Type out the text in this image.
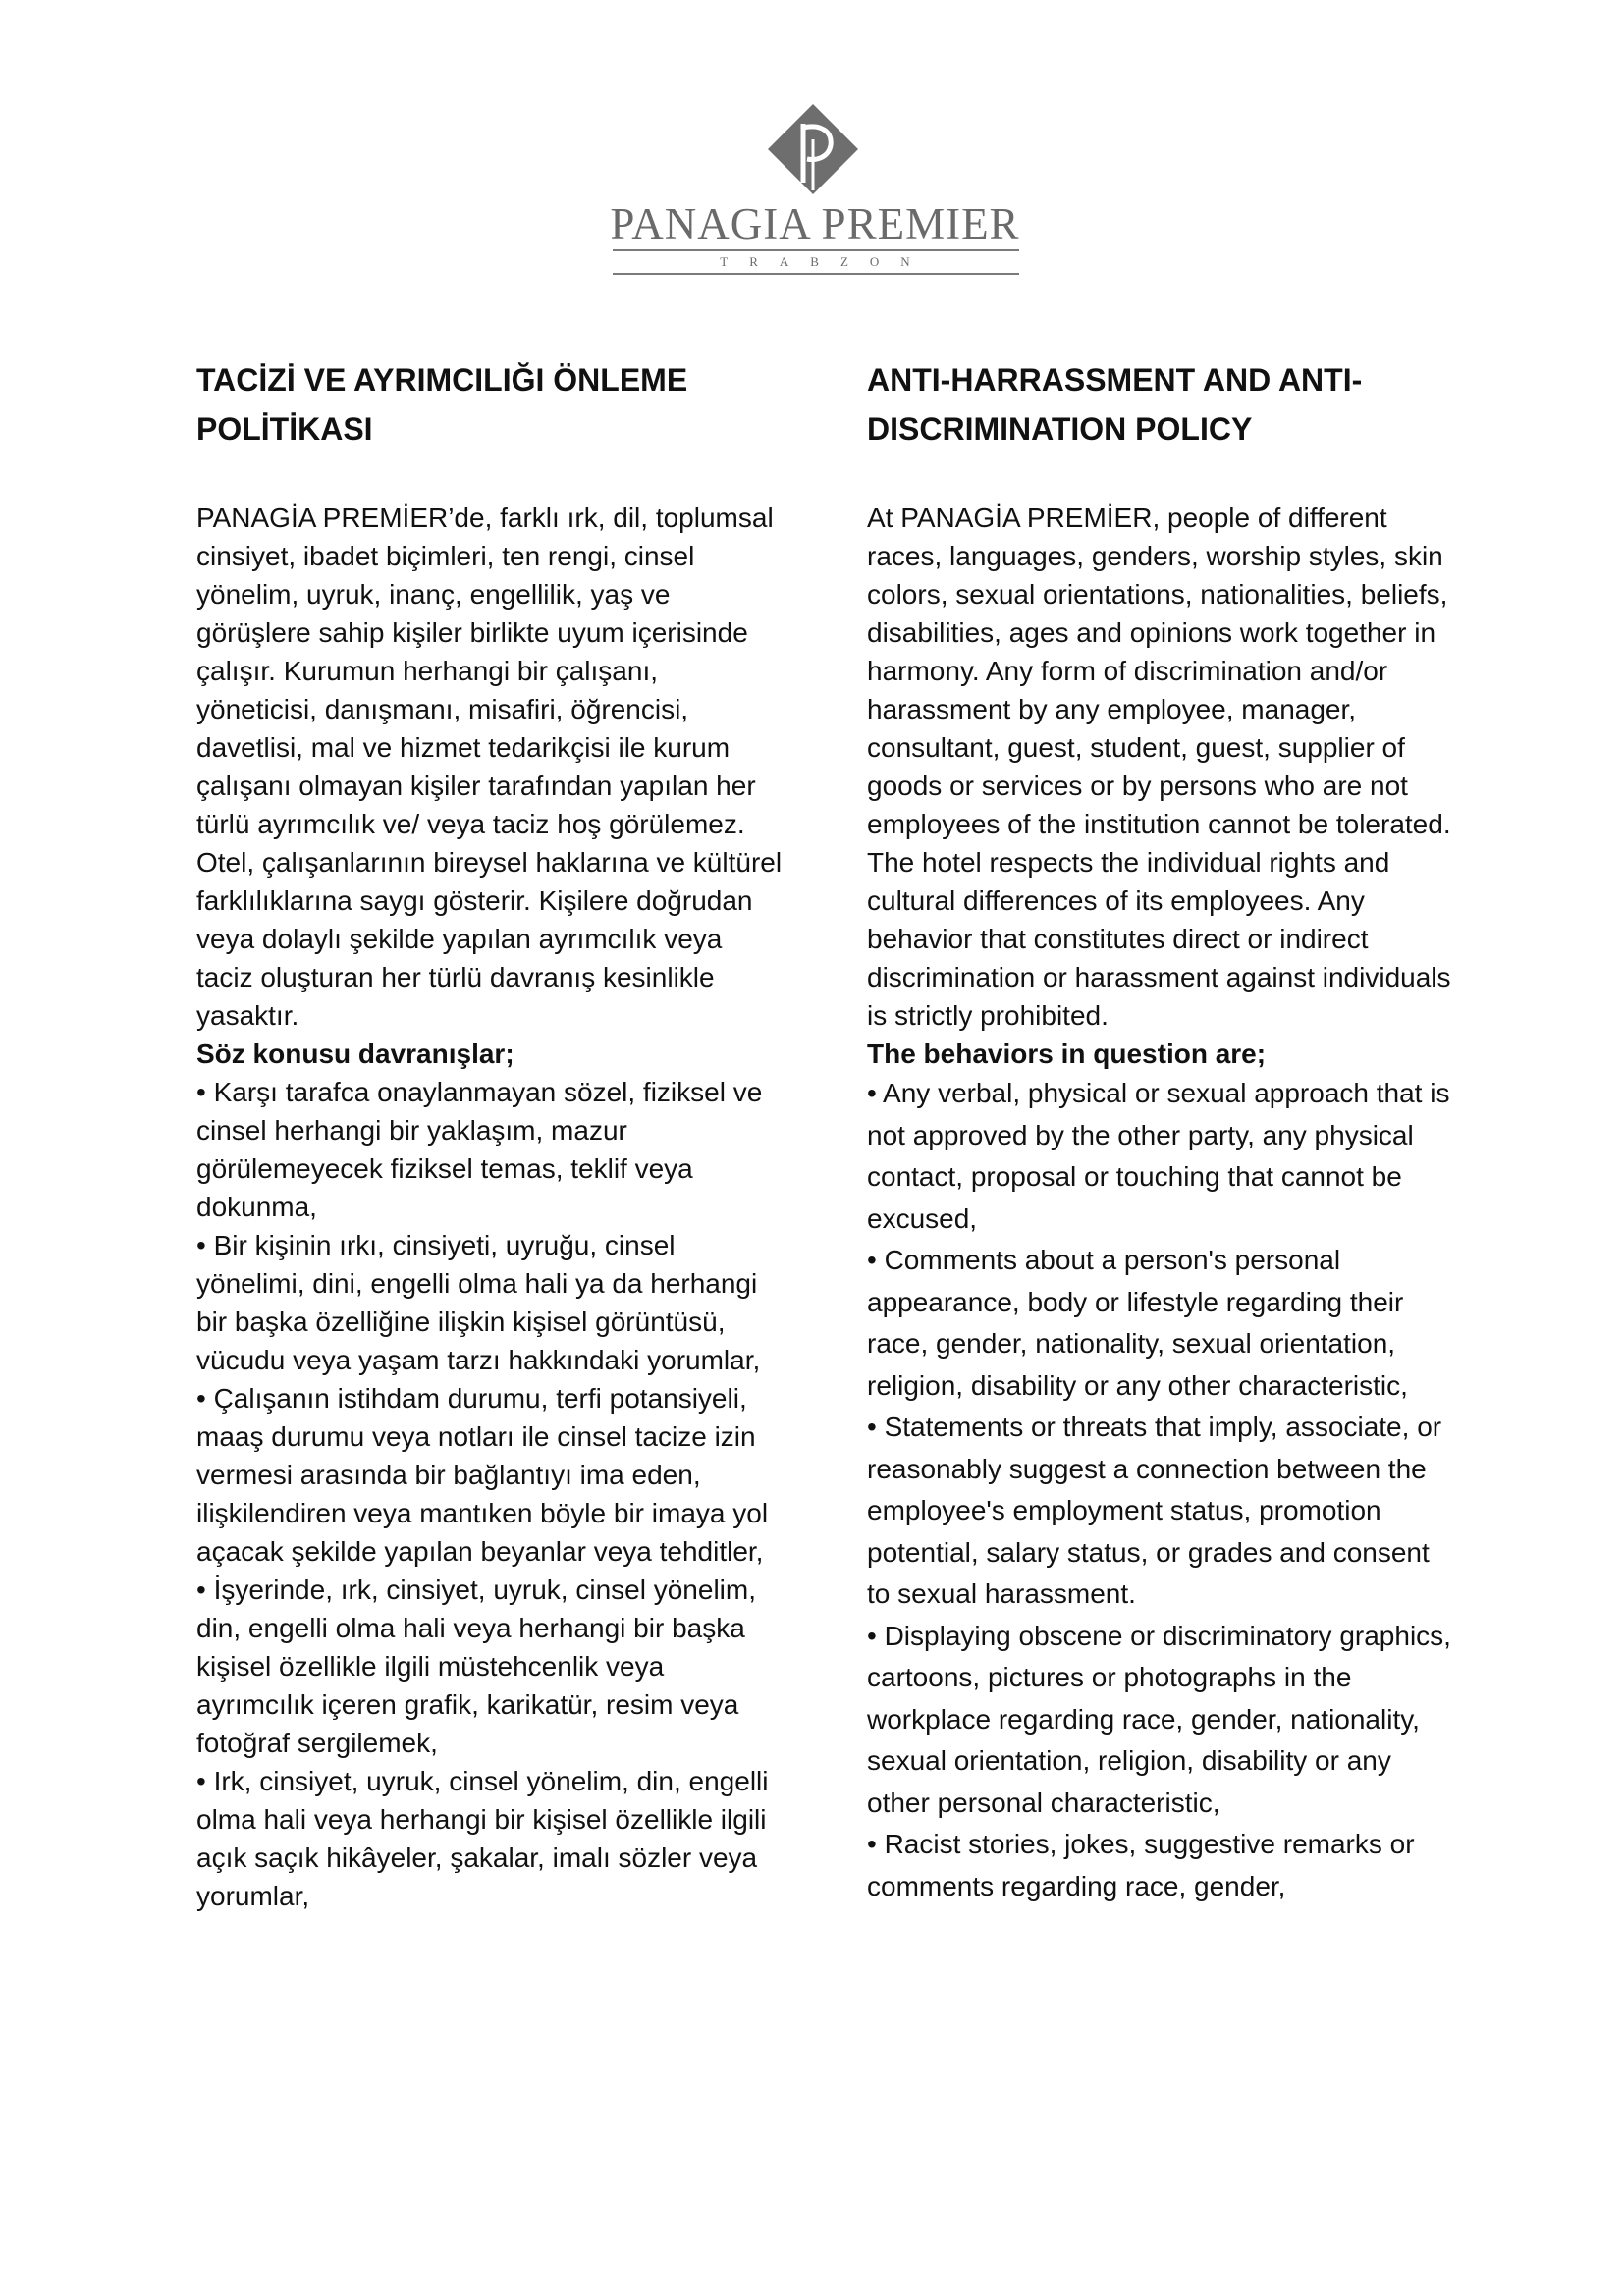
PANAGIA PREMIER
TRABZON
TACİZİ VE AYRIMCILIĞI ÖNLEME POLİTİKASI

PANAGİA PREMİER’de, farklı ırk, dil, toplumsal cinsiyet, ibadet biçimleri, ten rengi, cinsel yönelim, uyruk, inanç, engellilik, yaş ve görüşlere sahip kişiler birlikte uyum içerisinde çalışır. Kurumun herhangi bir çalışanı, yöneticisi, danışmanı, misafiri, öğrencisi, davetlisi, mal ve hizmet tedarikçisi ile kurum çalışanı olmayan kişiler tarafından yapılan her türlü ayrımcılık ve/ veya taciz hoş görülemez. Otel, çalışanlarının bireysel haklarına ve kültürel farklılıklarına saygı gösterir. Kişilere doğrudan veya dolaylı şekilde yapılan ayrımcılık veya taciz oluşturan her türlü davranış kesinlikle yasaktır.

Söz konusu davranışlar;

• Karşı tarafca onaylanmayan sözel, fiziksel ve cinsel herhangi bir yaklaşım, mazur görülemeyecek fiziksel temas, teklif veya dokunma,

• Bir kişinin ırkı, cinsiyeti, uyruğu, cinsel yönelimi, dini, engelli olma hali ya da herhangi bir başka özelliğine ilişkin kişisel görüntüsü, vücudu veya yaşam tarzı hakkındaki yorumlar,

• Çalışanın istihdam durumu, terfi potansiyeli, maaş durumu veya notları ile cinsel tacize izin vermesi arasında bir bağlantıyı ima eden, ilişkilendiren veya mantıken böyle bir imaya yol açacak şekilde yapılan beyanlar veya tehditler,

• İşyerinde, ırk, cinsiyet, uyruk, cinsel yönelim, din, engelli olma hali veya herhangi bir başka kişisel özellikle ilgili müstehcenlik veya ayrımcılık içeren grafik, karikatür, resim veya fotoğraf sergilemek,

• Irk, cinsiyet, uyruk, cinsel yönelim, din, engelli olma hali veya herhangi bir kişisel özellikle ilgili açık saçık hikâyeler, şakalar, imalı sözler veya yorumlar,

ANTI-HARRASSMENT AND ANTI-DISCRIMINATION POLICY

At PANAGİA PREMİER, people of different races, languages, genders, worship styles, skin colors, sexual orientations, nationalities, beliefs, disabilities, ages and opinions work together in harmony. Any form of discrimination and/or harassment by any employee, manager, consultant, guest, student, guest, supplier of goods or services or by persons who are not employees of the institution cannot be tolerated. The hotel respects the individual rights and cultural differences of its employees. Any behavior that constitutes direct or indirect discrimination or harassment against individuals is strictly prohibited.

The behaviors in question are;

• Any verbal, physical or sexual approach that is not approved by the other party, any physical contact, proposal or touching that cannot be excused,

• Comments about a person's personal appearance, body or lifestyle regarding their race, gender, nationality, sexual orientation, religion, disability or any other characteristic,

• Statements or threats that imply, associate, or reasonably suggest a connection between the employee's employment status, promotion potential, salary status, or grades and consent to sexual harassment.

• Displaying obscene or discriminatory graphics, cartoons, pictures or photographs in the workplace regarding race, gender, nationality, sexual orientation, religion, disability or any other personal characteristic,

• Racist stories, jokes, suggestive remarks or comments regarding race, gender,
